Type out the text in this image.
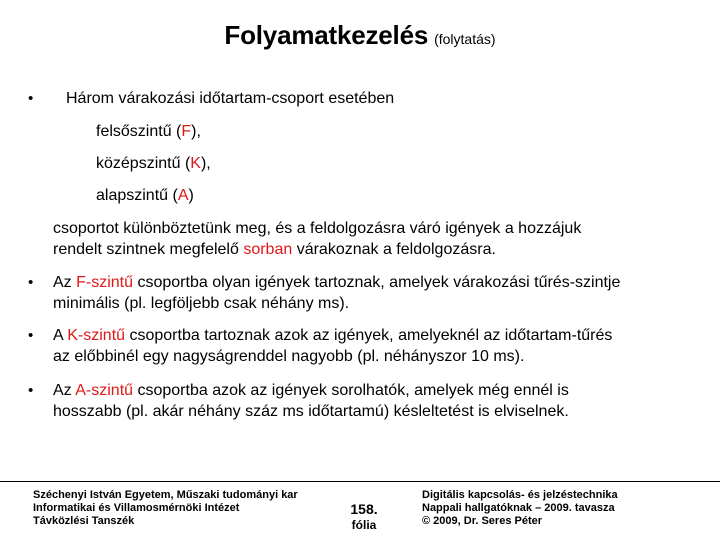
Folyamatkezelés (folytatás)
• Három várakozási időtartam-csoport esetében
felsőszintű (F),
középszintű (K),
alapszintű (A)
csoportot különböztetünk meg, és a feldolgozásra váró igények a hozzájuk
rendelt szintnek megfelelő sorban várakoznak a feldolgozásra.
• Az F-szintű csoportba olyan igények tartoznak, amelyek várakozási tűrés-szintje
minimális (pl. legföljebb csak néhány ms).
• A K-szintű csoportba tartoznak azok az igények, amelyeknél az időtartam-tűrés
az előbbinél egy nagyságrenddel nagyobb (pl. néhányszor 10 ms).
• Az A-szintű csoportba azok az igények sorolhatók, amelyek még ennél is
hosszabb (pl. akár néhány száz ms időtartamú) késleltetést is elviselnek.
Széchenyi István Egyetem, Műszaki tudományi kar
Informatikai és Villamosmérnöki Intézet
Távközlési Tanszék
158.
fólia
Digitális kapcsolás- és jelzéstechnika
Nappali hallgatóknak – 2009. tavasza
© 2009, Dr. Seres Péter
